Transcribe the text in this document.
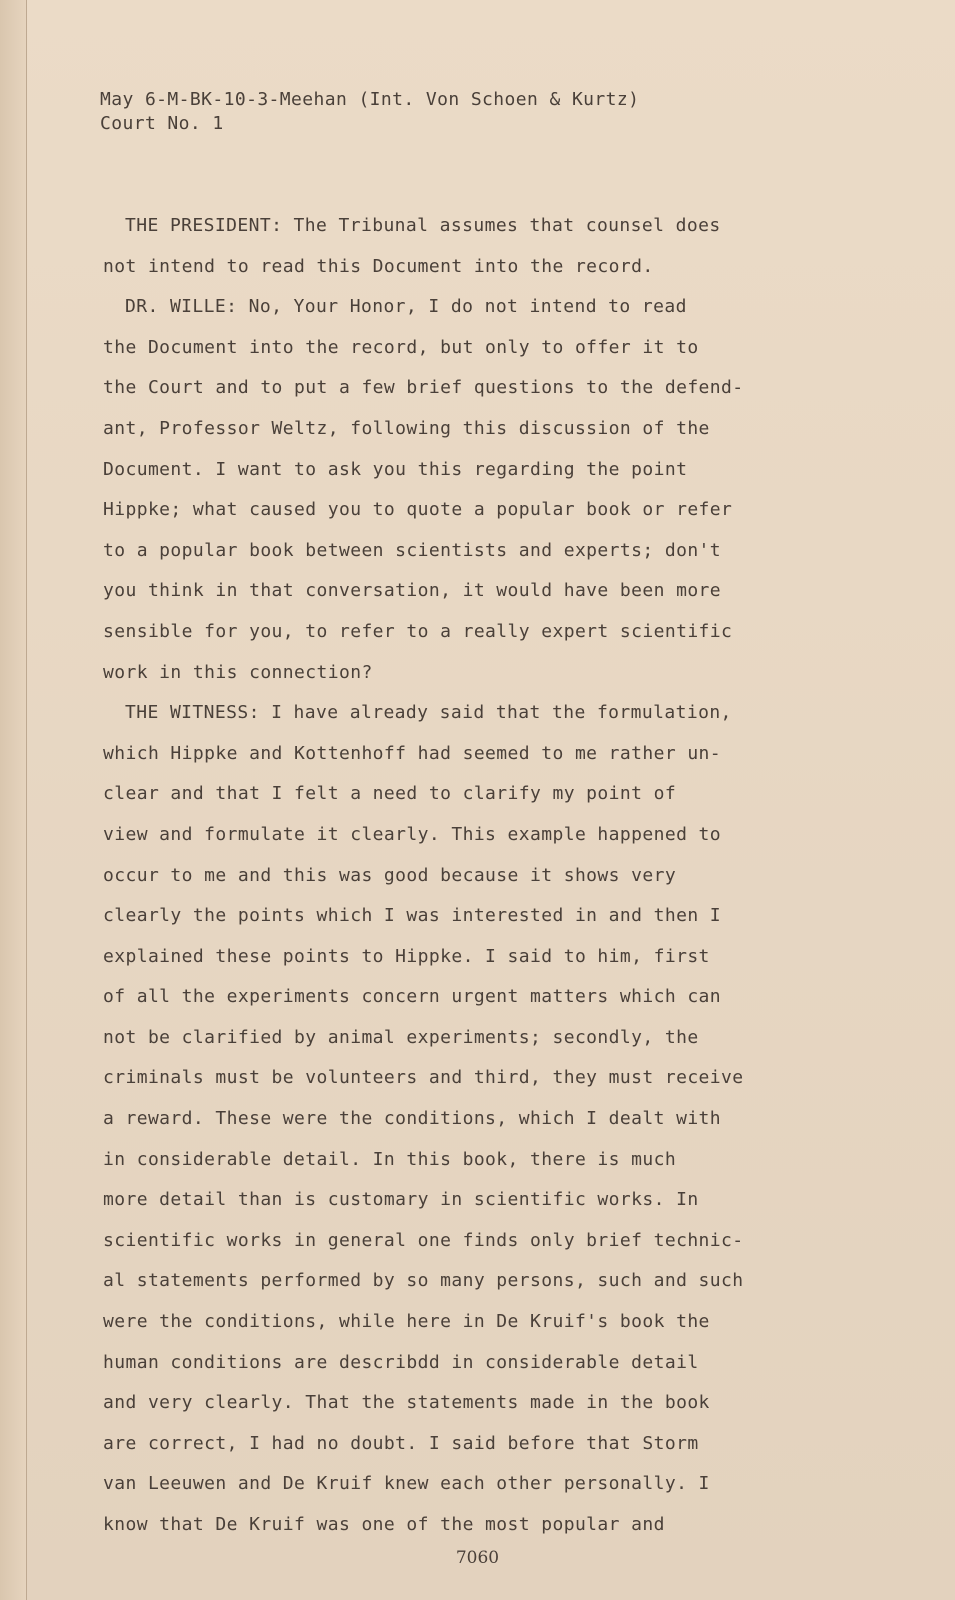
May 6-M-BK-10-3-Meehan (Int. Von Schoen & Kurtz)
Court No. 1
THE PRESIDENT: The Tribunal assumes that counsel does
not intend to read this Document into the record.
DR. WILLE: No, Your Honor, I do not intend to read
the Document into the record, but only to offer it to
the Court and to put a few brief questions to the defend-
ant, Professor Weltz, following this discussion of the
Document. I want to ask you this regarding the point
Hippke; what caused you to quote a popular book or refer
to a popular book between scientists and experts; don't
you think in that conversation, it would have been more
sensible for you, to refer to a really expert scientific
work in this connection?
THE WITNESS: I have already said that the formulation,
which Hippke and Kottenhoff had seemed to me rather un-
clear and that I felt a need to clarify my point of
view and formulate it clearly. This example happened to
occur to me and this was good because it shows very
clearly the points which I was interested in and then I
explained these points to Hippke. I said to him, first
of all the experiments concern urgent matters which can
not be clarified by animal experiments; secondly, the
criminals must be volunteers and third, they must receive
a reward. These were the conditions, which I dealt with
in considerable detail. In this book, there is much
more detail than is customary in scientific works. In
scientific works in general one finds only brief technic-
al statements performed by so many persons, such and such
were the conditions, while here in De Kruif's book the
human conditions are describdd in considerable detail
and very clearly. That the statements made in the book
are correct, I had no doubt. I said before that Storm
van Leeuwen and De Kruif knew each other personally. I
know that De Kruif was one of the most popular and
7060
